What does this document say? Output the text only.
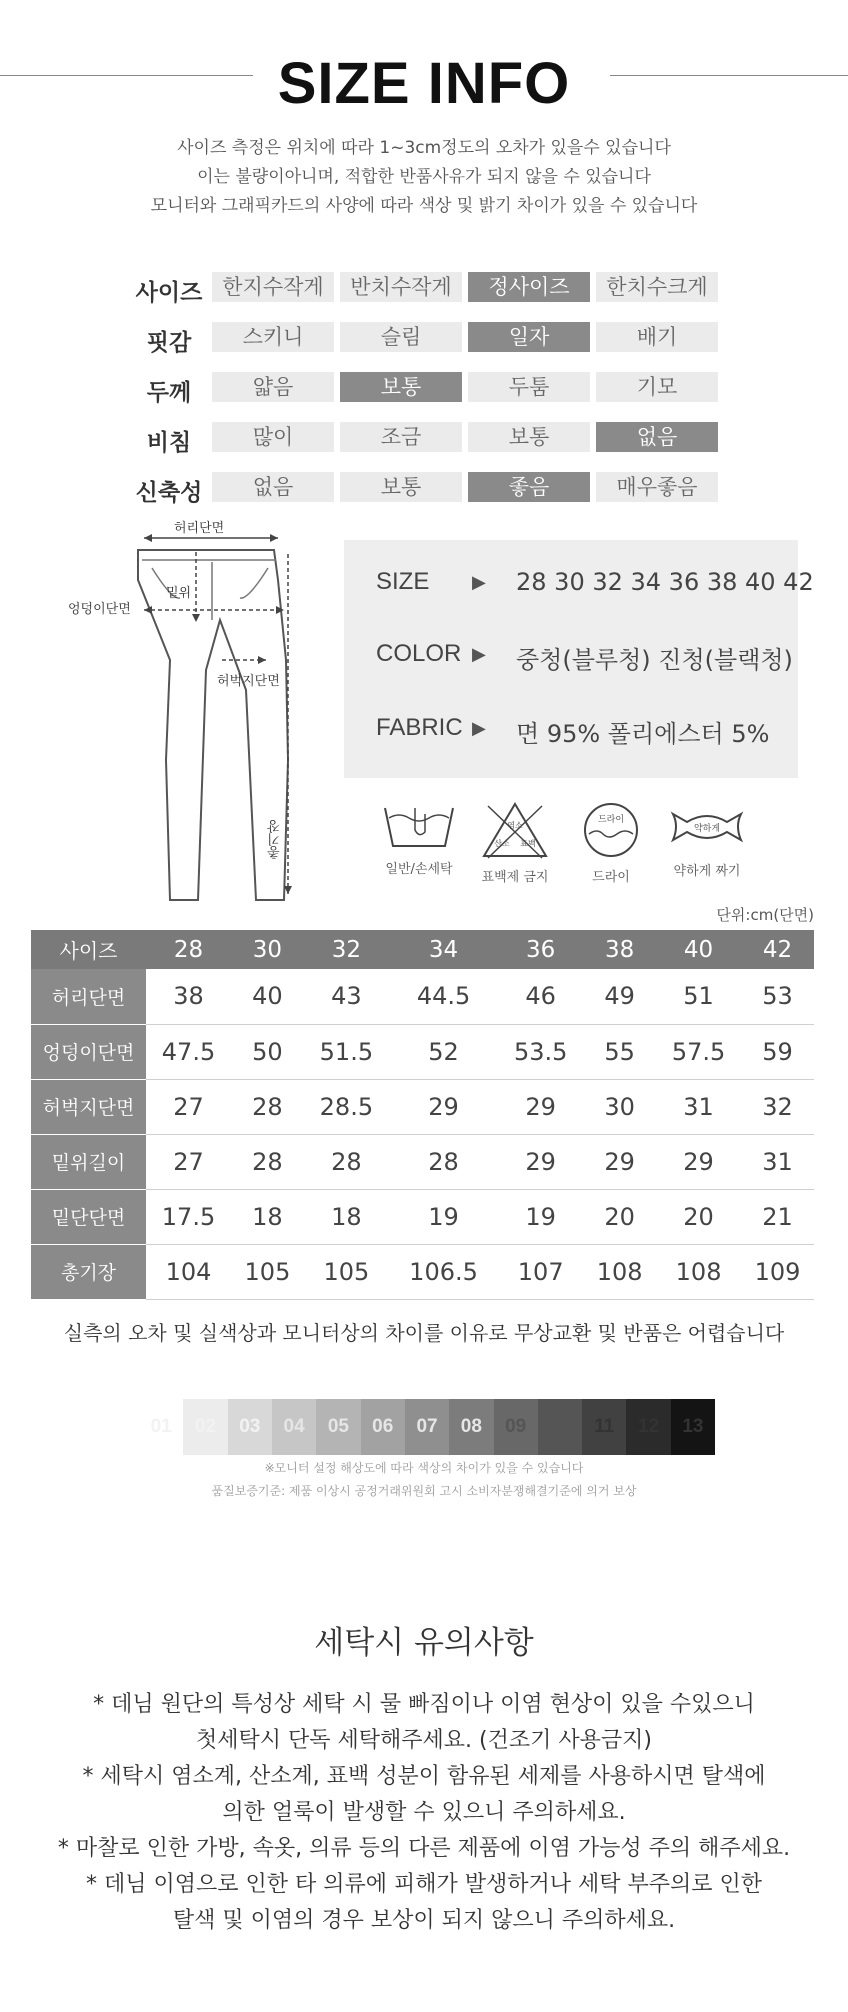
SIZE INFO
사이즈 측정은 위치에 따라 1~3cm정도의 오차가 있을수 있습니다
이는 불량이아니며, 적합한 반품사유가 되지 않을 수 있습니다
모니터와 그래픽카드의 사양에 따라 색상 및 밝기 차이가 있을 수 있습니다
사이즈 한지수작게	반치수작게	정사이즈	한치수크게
핏감	스키니	슬림	일자	배기
두께	얇음	보통	두툼	기모
비침	많이	조금	보통	없음
신축성	없음	보통	좋음	매우좋음
허리단면
엉덩이단면
밑위
허벅지단면
총기장
SIZE ▶ 28 30 32 34 36 38 40 42
COLOR ▶ 중청(블루청) 진청(블랙청)
FABRIC ▶ 면 95% 폴리에스터 5%
일반/손세탁
염소
산소 표백
표백제 금지
드라이
드라이
약하게
약하게 짜기
단위:cm(단면)
사이즈	28	30	32	34	36	38	40	42
허리단면	38	40	43	44.5	46	49	51	53
엉덩이단면	47.5	50	51.5	52	53.5	55	57.5	59
허벅지단면	27	28	28.5	29	29	30	31	32
밑위길이	27	28	28	28	29	29	29	31
밑단단면	17.5	18	18	19	19	20	20	21
총기장	104	105	105	106.5	107	108	108	109
실측의 오차 및 실색상과 모니터상의 차이를 이유로 무상교환 및 반품은 어렵습니다
01	02	03	04	05	06	07	08	09	10	11	12	13
※모니터 설정 해상도에 따라 색상의 차이가 있을 수 있습니다
품질보증기준: 제품 이상시 공정거래위원회 고시 소비자분쟁해결기준에 의거 보상
세탁시 유의사항
* 데님 원단의 특성상 세탁 시 물 빠짐이나 이염 현상이 있을 수있으니
첫세탁시 단독 세탁해주세요. (건조기 사용금지)
* 세탁시 염소계, 산소계, 표백 성분이 함유된 세제를 사용하시면 탈색에
의한 얼룩이 발생할 수 있으니 주의하세요.
* 마찰로 인한 가방, 속옷, 의류 등의 다른 제품에 이염 가능성 주의 해주세요.
* 데님 이염으로 인한 타 의류에 피해가 발생하거나 세탁 부주의로 인한
탈색 및 이염의 경우 보상이 되지 않으니 주의하세요.
